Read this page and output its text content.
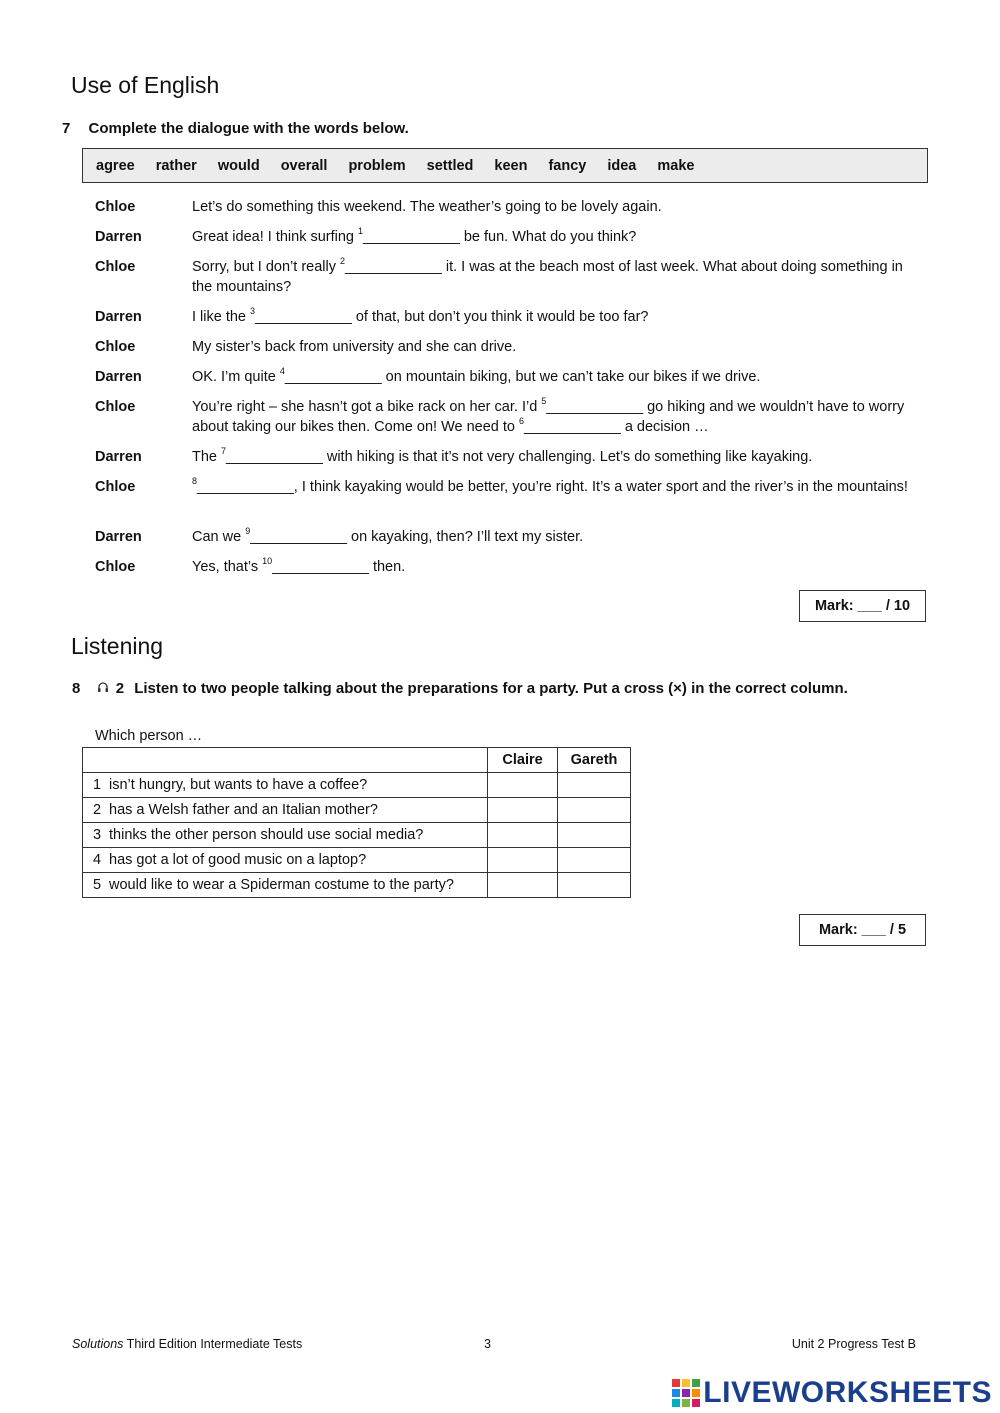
Use of English
7 Complete the dialogue with the words below.
agree rather would overall problem settled keen fancy idea make
Chloe	Let’s do something this weekend. The weather’s going to be lovely again.
Darren	Great idea! I think surfing $^1$____________ be fun. What do you think?
Chloe	Sorry, but I don’t really $^2$____________ it. I was at the beach most of last week. What about doing something in the mountains?
Darren	I like the $^3$____________ of that, but don’t you think it would be too far?
Chloe	My sister’s back from university and she can drive.
Darren	OK. I’m quite $^4$____________ on mountain biking, but we can’t take our bikes if we drive.
Chloe	You’re right – she hasn’t got a bike rack on her car. I’d $^5$____________ go hiking and we wouldn’t have to worry about taking our bikes then. Come on! We need to $^6$____________ a decision …
Darren	The $^7$____________ with hiking is that it’s not very challenging. Let’s do something like kayaking.
Chloe	$^8$____________, I think kayaking would be better, you’re right. It’s a water sport and the river’s in the mountains!
Darren	Can we $^9$____________ on kayaking, then? I’ll text my sister.
Chloe	Yes, that’s $^{10}$____________ then.
Mark: ___ / 10
Listening
8 2 Listen to two people talking about the preparations for a party. Put a cross (×) in the correct column.
Which person …
	Claire	Gareth
1 isn’t hungry, but wants to have a coffee?		
2 has a Welsh father and an Italian mother?		
3 thinks the other person should use social media?		
4 has got a lot of good music on a laptop?		
5 would like to wear a Spiderman costume to the party?		
Mark: ___ / 5
Solutions Third Edition Intermediate Tests	3	Unit 2 Progress Test B
LIVEWORKSHEETS
